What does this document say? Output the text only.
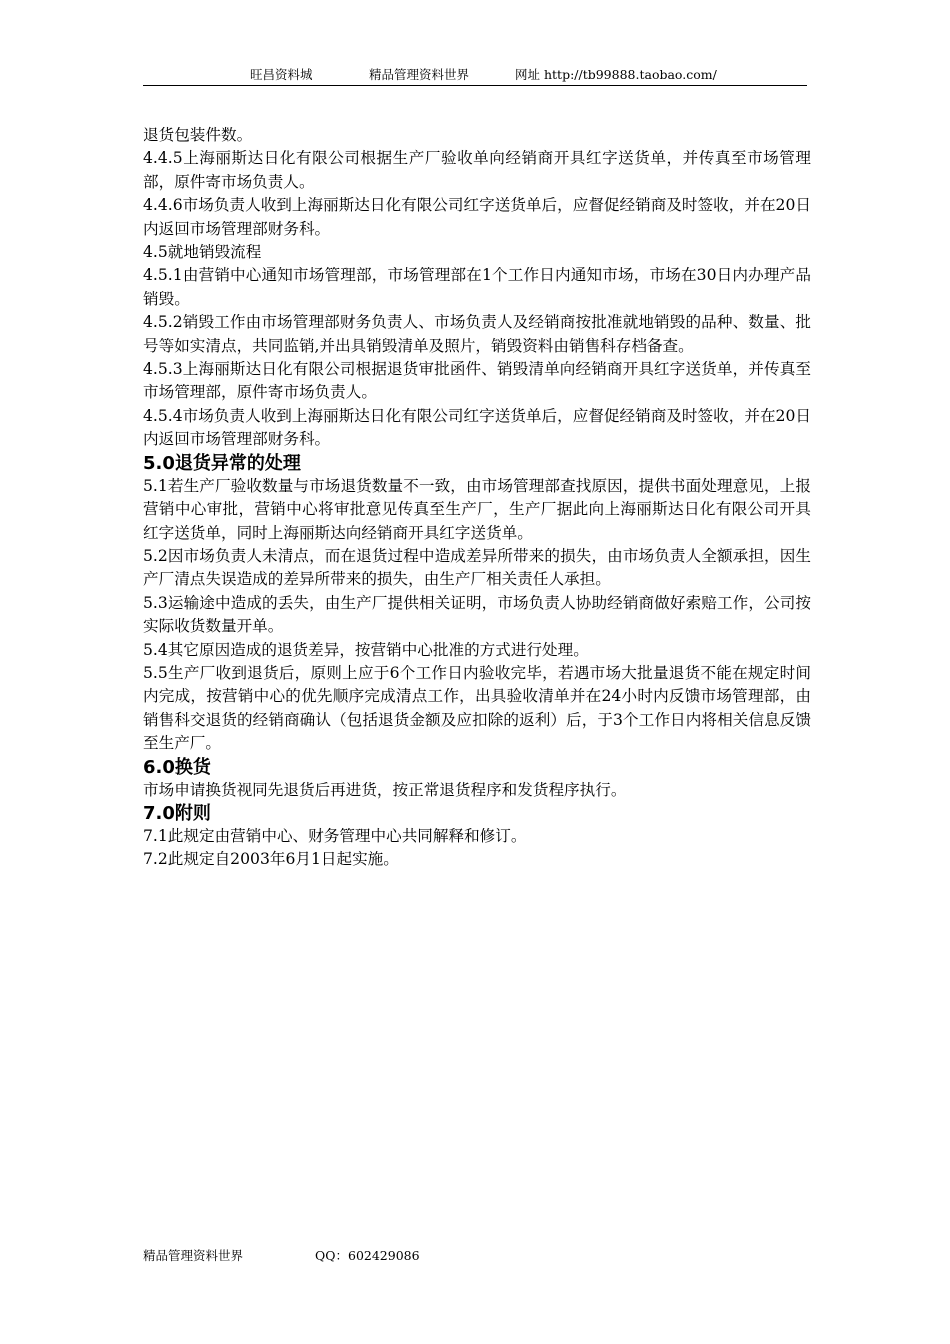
旺昌资料城	精品管理资料世界	网址 http://tb99888.taobao.com/

退货包装件数。

4.4.5上海丽斯达日化有限公司根据生产厂验收单向经销商开具红字送货单，并传真至市场管理部，原件寄市场负责人。

4.4.6市场负责人收到上海丽斯达日化有限公司红字送货单后，应督促经销商及时签收，并在20日内返回市场管理部财务科。

4.5就地销毁流程

4.5.1由营销中心通知市场管理部，市场管理部在1个工作日内通知市场，市场在30日内办理产品销毁。

4.5.2销毁工作由市场管理部财务负责人、市场负责人及经销商按批准就地销毁的品种、数量、批号等如实清点，共同监销,并出具销毁清单及照片，销毁资料由销售科存档备查。

4.5.3上海丽斯达日化有限公司根据退货审批函件、销毁清单向经销商开具红字送货单，并传真至市场管理部，原件寄市场负责人。

4.5.4市场负责人收到上海丽斯达日化有限公司红字送货单后，应督促经销商及时签收，并在20日内返回市场管理部财务科。

5.0退货异常的处理

5.1若生产厂验收数量与市场退货数量不一致，由市场管理部查找原因，提供书面处理意见，上报营销中心审批，营销中心将审批意见传真至生产厂，生产厂据此向上海丽斯达日化有限公司开具红字送货单，同时上海丽斯达向经销商开具红字送货单。

5.2因市场负责人未清点，而在退货过程中造成差异所带来的损失，由市场负责人全额承担，因生产厂清点失误造成的差异所带来的损失，由生产厂相关责任人承担。

5.3运输途中造成的丢失，由生产厂提供相关证明，市场负责人协助经销商做好索赔工作，公司按实际收货数量开单。

5.4其它原因造成的退货差异，按营销中心批准的方式进行处理。

5.5生产厂收到退货后，原则上应于6个工作日内验收完毕，若遇市场大批量退货不能在规定时间内完成，按营销中心的优先顺序完成清点工作，出具验收清单并在24小时内反馈市场管理部，由销售科交退货的经销商确认（包括退货金额及应扣除的返利）后，于3个工作日内将相关信息反馈至生产厂。

6.0换货

市场申请换货视同先退货后再进货，按正常退货程序和发货程序执行。

7.0附则

7.1此规定由营销中心、财务管理中心共同解释和修订。

7.2此规定自2003年6月1日起实施。

精品管理资料世界	QQ：602429086
